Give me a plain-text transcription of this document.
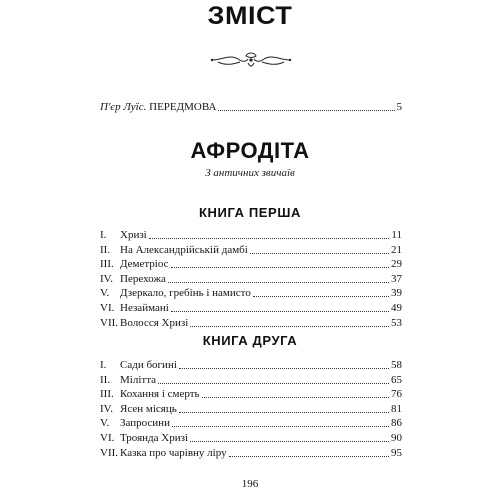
ЗМІСТ
П'єр Луїс. ПЕРЕДМОВА	5
АФРОДІТА
З античних звичаїв
КНИГА ПЕРША
I. Хризі	11
II. На Александрійській дамбі	21
III. Деметріос	29
IV. Перехожа	37
V. Дзеркало, гребінь і намисто	39
VI. Незаймані	49
VII. Волосся Хризі	53
КНИГА ДРУГА
I. Сади богині	58
II. Мілітта	65
III. Кохання і смерть	76
IV. Ясен місяць	81
V. Запросини	86
VI. Троянда Хризі	90
VII. Казка про чарівну ліру	95
196
